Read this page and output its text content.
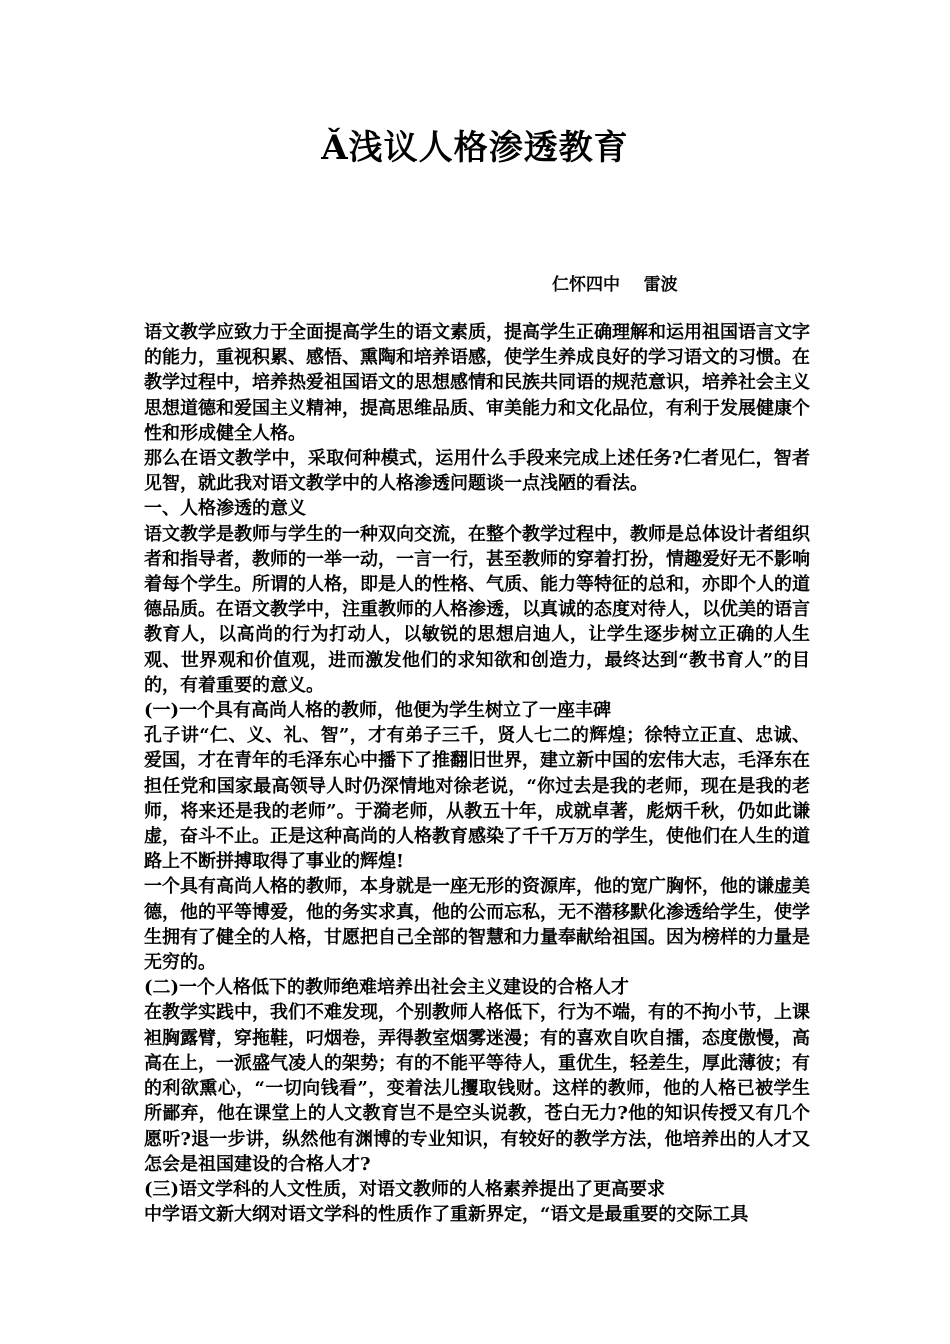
Ǎ浅议人格渗透教育
仁怀四中    雷波

语文教学应致力于全面提高学生的语文素质，提高学生正确理解和运用祖国语言文字的能力，重视积累、感悟、熏陶和培养语感，使学生养成良好的学习语文的习惯。在教学过程中，培养热爱祖国语文的思想感情和民族共同语的规范意识，培养社会主义思想道德和爱国主义精神，提高思维品质、审美能力和文化品位，有利于发展健康个性和形成健全人格。

那么在语文教学中，采取何种模式，运用什么手段来完成上述任务?仁者见仁，智者见智，就此我对语文教学中的人格渗透问题谈一点浅陋的看法。

一、人格渗透的意义

语文教学是教师与学生的一种双向交流，在整个教学过程中，教师是总体设计者组织者和指导者，教师的一举一动，一言一行，甚至教师的穿着打扮，情趣爱好无不影响着每个学生。所谓的人格，即是人的性格、气质、能力等特征的总和，亦即个人的道德品质。在语文教学中，注重教师的人格渗透，以真诚的态度对待人，以优美的语言教育人，以高尚的行为打动人，以敏锐的思想启迪人，让学生逐步树立正确的人生观、世界观和价值观，进而激发他们的求知欲和创造力，最终达到“教书育人”的目的，有着重要的意义。

(一)一个具有高尚人格的教师，他便为学生树立了一座丰碑

孔子讲“仁、义、礼、智”，才有弟子三千，贤人七二的辉煌；徐特立正直、忠诚、爱国，才在青年的毛泽东心中播下了推翻旧世界，建立新中国的宏伟大志，毛泽东在担任党和国家最高领导人时仍深情地对徐老说，“你过去是我的老师，现在是我的老师，将来还是我的老师”。于漪老师，从教五十年，成就卓著，彪炳千秋，仍如此谦虚，奋斗不止。正是这种高尚的人格教育感染了千千万万的学生，使他们在人生的道路上不断拼搏取得了事业的辉煌!

一个具有高尚人格的教师，本身就是一座无形的资源库，他的宽广胸怀，他的谦虚美德，他的平等博爱，他的务实求真，他的公而忘私，无不潜移默化渗透给学生，使学生拥有了健全的人格，甘愿把自己全部的智慧和力量奉献给祖国。因为榜样的力量是无穷的。

(二)一个人格低下的教师绝难培养出社会主义建设的合格人才

在教学实践中，我们不难发现，个别教师人格低下，行为不端，有的不拘小节，上课袒胸露臂，穿拖鞋，叼烟卷，弄得教室烟雾迷漫；有的喜欢自吹自擂，态度傲慢，高高在上，一派盛气凌人的架势；有的不能平等待人，重优生，轻差生，厚此薄彼；有的利欲熏心，“一切向钱看”，变着法儿攫取钱财。这样的教师，他的人格已被学生所鄙弃，他在课堂上的人文教育岂不是空头说教，苍白无力?他的知识传授又有几个愿听?退一步讲，纵然他有渊博的专业知识，有较好的教学方法，他培养出的人才又怎会是祖国建设的合格人才?

(三)语文学科的人文性质，对语文教师的人格素养提出了更高要求

中学语文新大纲对语文学科的性质作了重新界定，“语文是最重要的交际工具
